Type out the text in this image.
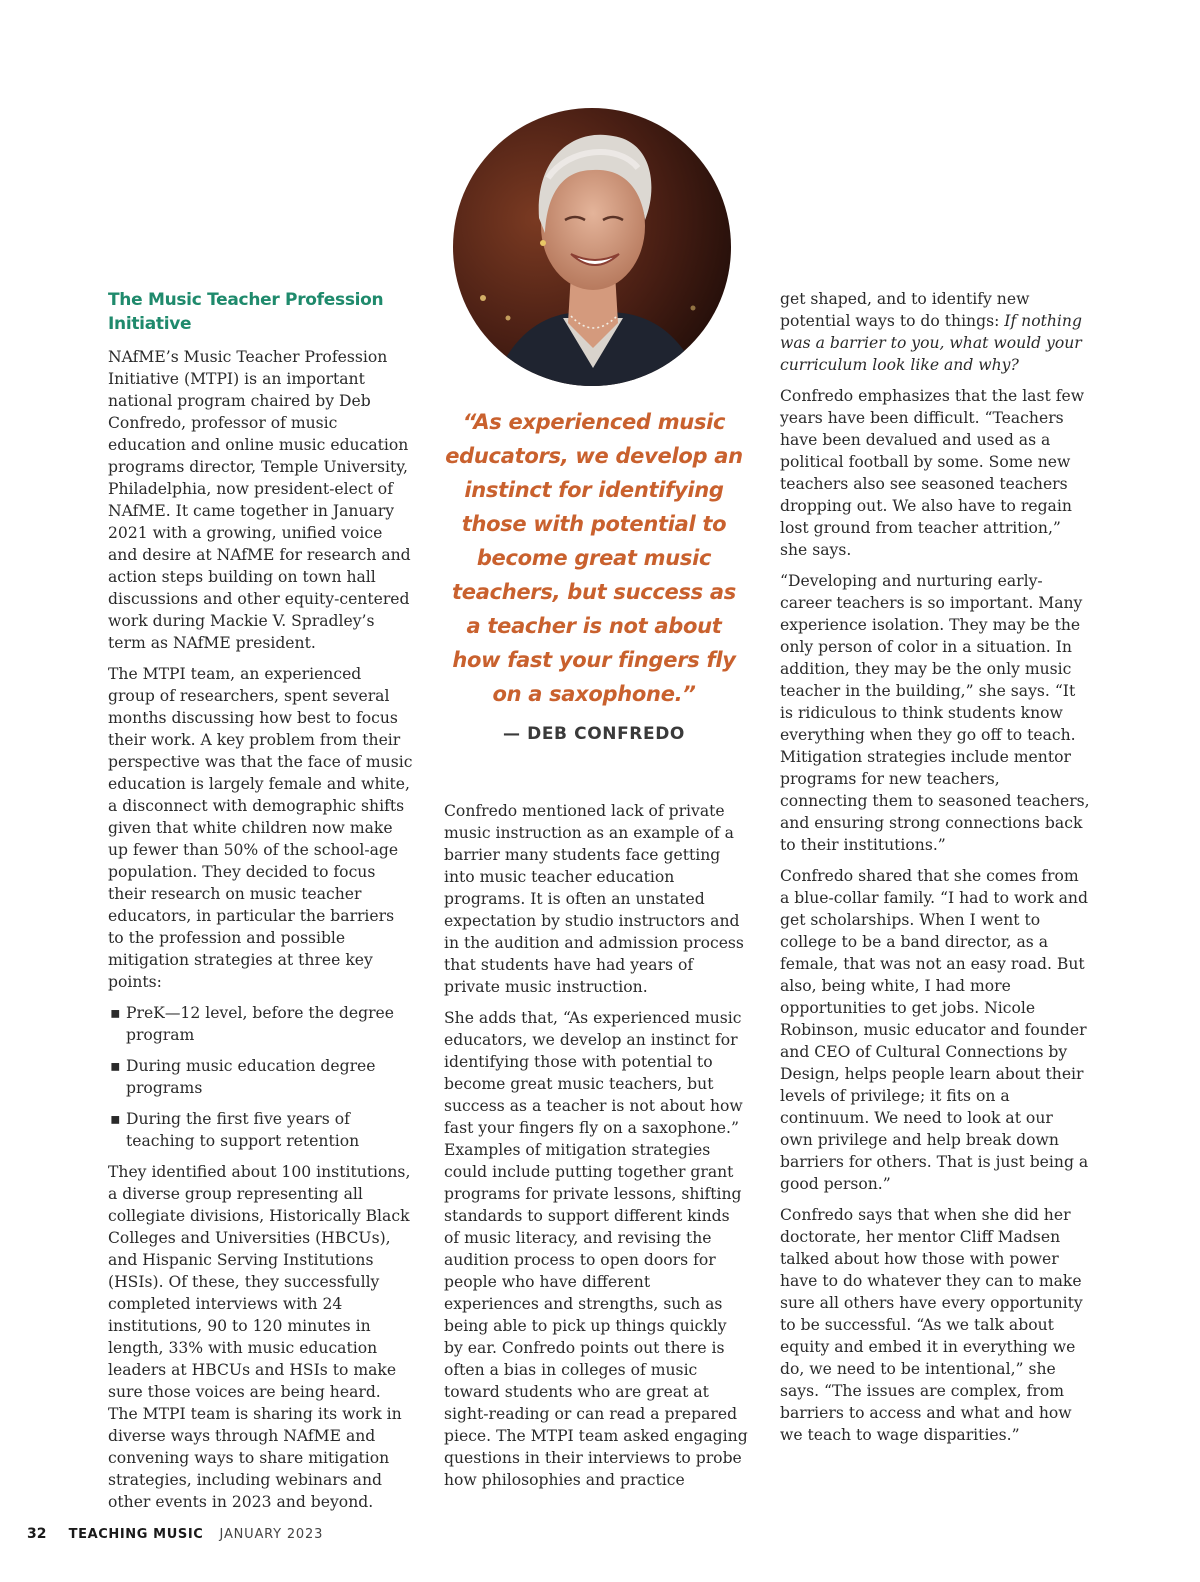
The Music Teacher Profession Initiative

NAfME’s Music Teacher Profession Initiative (MTPI) is an important national program chaired by Deb Confredo, professor of music education and online music education programs director, Temple University, Philadelphia, now president-elect of NAfME. It came together in January 2021 with a growing, unified voice and desire at NAfME for research and action steps building on town hall discussions and other equity-centered work during Mackie V. Spradley’s term as NAfME president.

The MTPI team, an experienced group of researchers, spent several months discussing how best to focus their work. A key problem from their perspective was that the face of music education is largely female and white, a disconnect with demographic shifts given that white children now make up fewer than 50% of the school-age population. They decided to focus their research on music teacher educators, in particular the barriers to the profession and possible mitigation strategies at three key points:

▪ PreK—12 level, before the degree program
▪ During music education degree programs
▪ During the first five years of teaching to support retention

They identified about 100 institutions, a diverse group representing all collegiate divisions, Historically Black Colleges and Universities (HBCUs), and Hispanic Serving Institutions (HSIs). Of these, they successfully completed interviews with 24 institutions, 90 to 120 minutes in length, 33% with music education leaders at HBCUs and HSIs to make sure those voices are being heard. The MTPI team is sharing its work in diverse ways through NAfME and convening ways to share mitigation strategies, including webinars and other events in 2023 and beyond.

“As experienced music educators, we develop an instinct for identifying those with potential to become great music teachers, but success as a teacher is not about how fast your fingers fly on a saxophone.”
— DEB CONFREDO

Confredo mentioned lack of private music instruction as an example of a barrier many students face getting into music teacher education programs. It is often an unstated expectation by studio instructors and in the audition and admission process that students have had years of private music instruction.

She adds that, “As experienced music educators, we develop an instinct for identifying those with potential to become great music teachers, but success as a teacher is not about how fast your fingers fly on a saxophone.” Examples of mitigation strategies could include putting together grant programs for private lessons, shifting standards to support different kinds of music literacy, and revising the audition process to open doors for people who have different experiences and strengths, such as being able to pick up things quickly by ear. Confredo points out there is often a bias in colleges of music toward students who are great at sight-reading or can read a prepared piece. The MTPI team asked engaging questions in their interviews to probe how philosophies and practice

get shaped, and to identify new potential ways to do things: If nothing was a barrier to you, what would your curriculum look like and why?

Confredo emphasizes that the last few years have been difficult. “Teachers have been devalued and used as a political football by some. Some new teachers also see seasoned teachers dropping out. We also have to regain lost ground from teacher attrition,” she says.

“Developing and nurturing early-career teachers is so important. Many experience isolation. They may be the only person of color in a situation. In addition, they may be the only music teacher in the building,” she says. “It is ridiculous to think students know everything when they go off to teach. Mitigation strategies include mentor programs for new teachers, connecting them to seasoned teachers, and ensuring strong connections back to their institutions.”

Confredo shared that she comes from a blue-collar family. “I had to work and get scholarships. When I went to college to be a band director, as a female, that was not an easy road. But also, being white, I had more opportunities to get jobs. Nicole Robinson, music educator and founder and CEO of Cultural Connections by Design, helps people learn about their levels of privilege; it fits on a continuum. We need to look at our own privilege and help break down barriers for others. That is just being a good person.”

Confredo says that when she did her doctorate, her mentor Cliff Madsen talked about how those with power have to do whatever they can to make sure all others have every opportunity to be successful. “As we talk about equity and embed it in everything we do, we need to be intentional,” she says. “The issues are complex, from barriers to access and what and how we teach to wage disparities.”

32 TEACHING MUSIC JANUARY 2023
